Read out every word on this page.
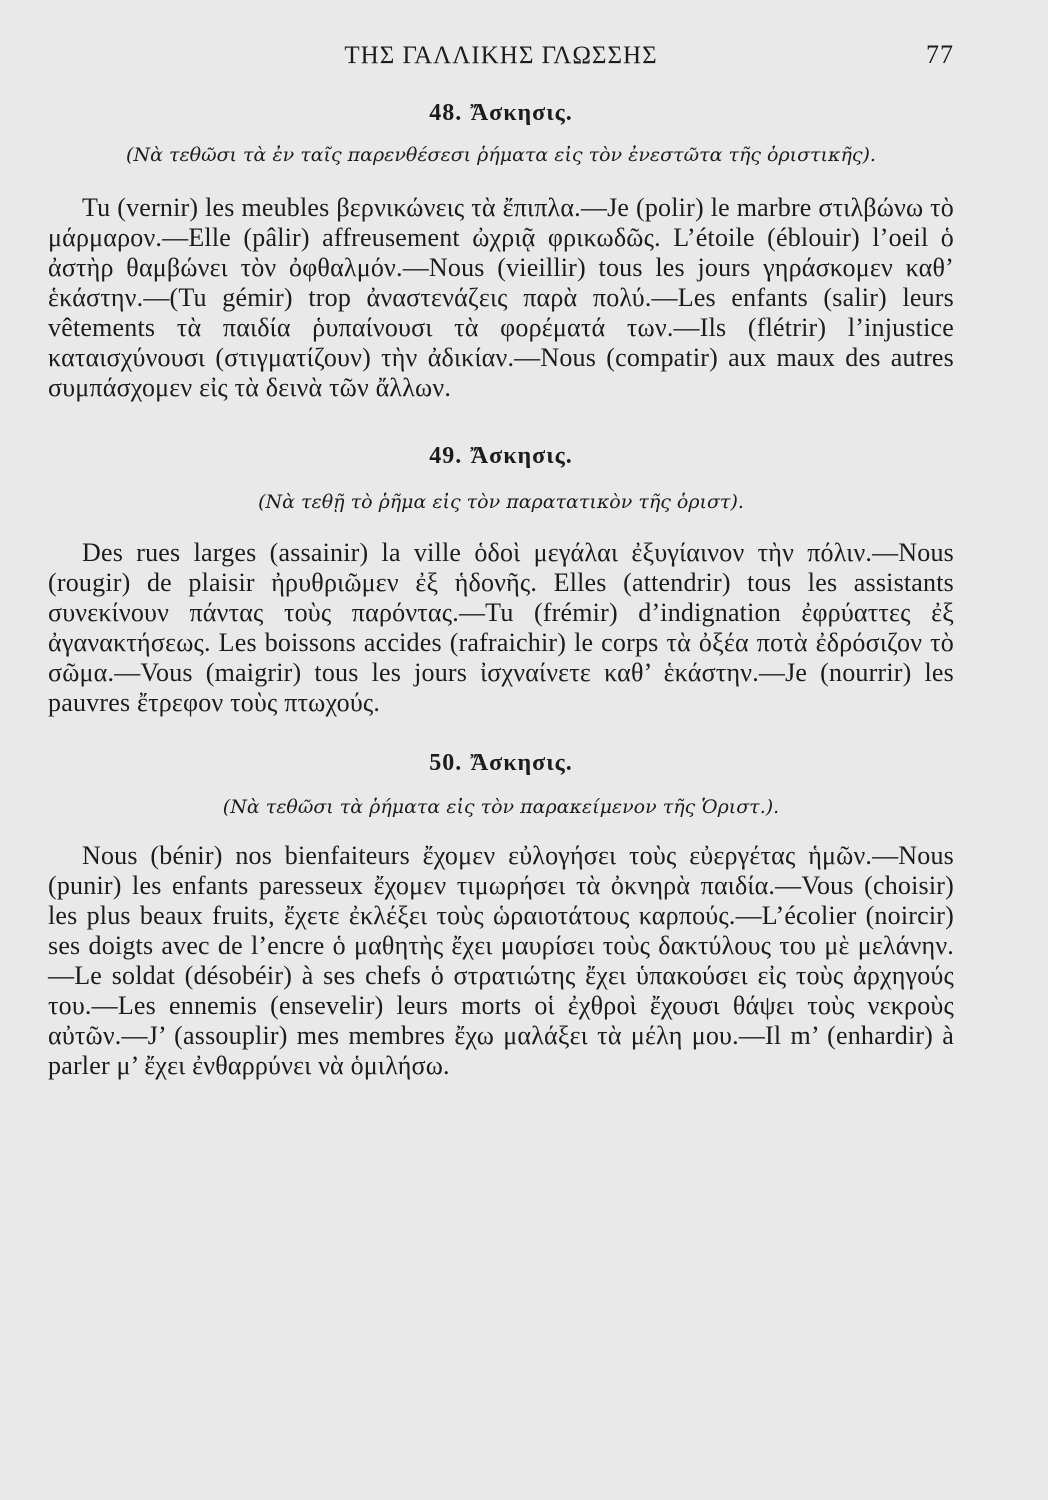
ΤΗΣ ΓΑΛΛΙΚΗΣ ΓΛΩΣΣΗΣ	77
48. Ἄσκησις.

(Νὰ τεθῶσι τὰ ἐν ταῖς παρενθέσεσι ῥήματα εἰς τὸν ἐνεστῶτα τῆς ὁριστικῆς).

Tu (vernir) les meubles βερνικώνεις τὰ ἔπιπλα.—Je (polir) le marbre στιλβώνω τὸ μάρμαρον.—Elle (pâlir) affreusement ὠχριᾷ φρικωδῶς. L’étoile (éblouir) l’oeil ὁ ἀστὴρ θαμβώνει τὸν ὀφθαλμόν.—Nous (vieillir) tous les jours γηράσκομεν καθ’ ἑκάστην.—(Tu gémir) trop ἀναστενάζεις παρὰ πολύ.—Les enfants (salir) leurs vêtements τὰ παιδία ῥυπαίνουσι τὰ φορέματά των.—Ils (flétrir) l’injustice καταισχύνουσι (στιγματίζουν) τὴν ἀδικίαν.—Nous (compatir) aux maux des autres συμπάσχομεν εἰς τὰ δεινὰ τῶν ἄλλων.

49. Ἄσκησις.

(Νὰ τεθῇ τὸ ῥῆμα εἰς τὸν παρατατικὸν τῆς ὁριστ).

Des rues larges (assainir) la ville ὁδοὶ μεγάλαι ἐξυγίαινον τὴν πόλιν.—Nous (rougir) de plaisir ἠρυθριῶμεν ἐξ ἡδονῆς. Elles (attendrir) tous les assistants συνεκίνουν πάντας τοὺς παρόντας.—Tu (frémir) d’indignation ἐφρύαττες ἐξ ἀγανακτήσεως. Les boissons accides (rafraichir) le corps τὰ ὀξέα ποτὰ ἐδρόσιζον τὸ σῶμα.—Vous (maigrir) tous les jours ἰσχναίνετε καθ’ ἑκάστην.—Je (nourrir) les pauvres ἔτρεφον τοὺς πτωχούς.

50. Ἄσκησις.

(Νὰ τεθῶσι τὰ ῥήματα εἰς τὸν παρακείμενον τῆς Ὁριστ.).

Nous (bénir) nos bienfaiteurs ἔχομεν εὐλογήσει τοὺς εὐεργέτας ἡμῶν.—Nous (punir) les enfants paresseux ἔχομεν τιμωρήσει τὰ ὀκνηρὰ παιδία.—Vous (choisir) les plus beaux fruits, ἔχετε ἐκλέξει τοὺς ὡραιοτάτους καρπούς.—L’écolier (noircir) ses doigts avec de l’encre ὁ μαθητὴς ἔχει μαυρίσει τοὺς δακτύλους του μὲ μελάνην.—Le soldat (désobéir) à ses chefs ὁ στρατιώτης ἔχει ὑπακούσει εἰς τοὺς ἀρχηγούς του.—Les ennemis (ensevelir) leurs morts οἱ ἐχθροὶ ἔχουσι θάψει τοὺς νεκροὺς αὐτῶν.—J’ (assouplir) mes membres ἔχω μαλάξει τὰ μέλη μου.—Il m’ (enhardir) à parler μ’ ἔχει ἐνθαρρύνει νὰ ὁμιλήσω.
